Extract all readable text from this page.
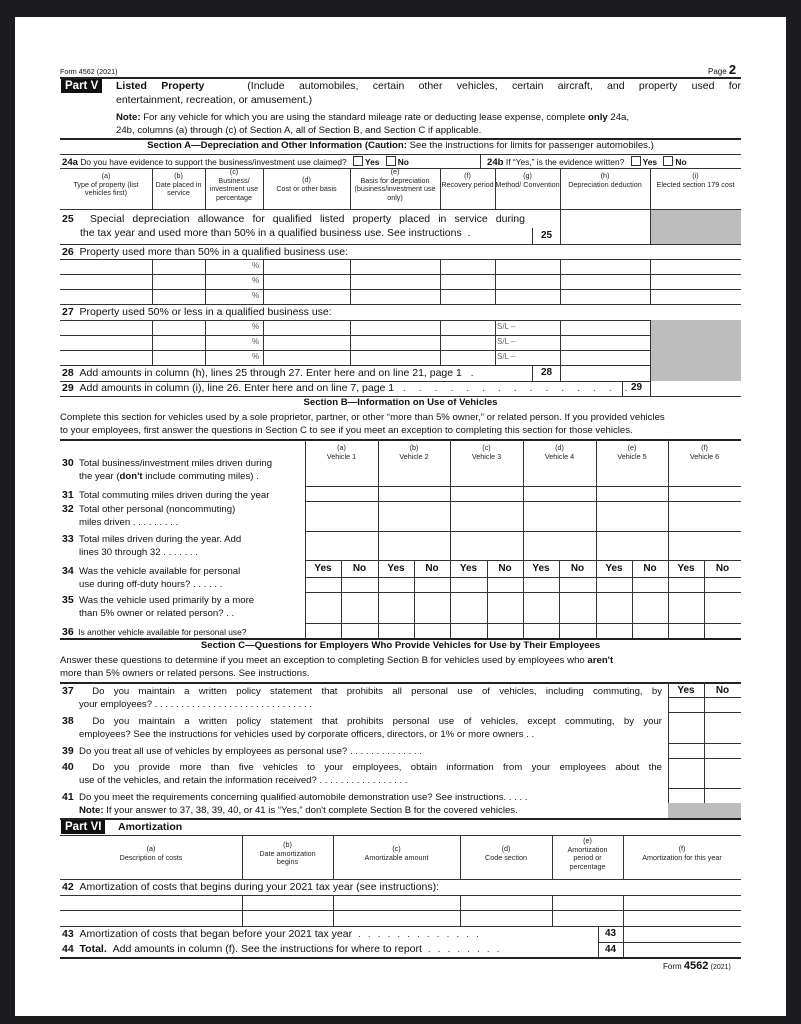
Form 4562 (2021)	Page 2
Part V	Listed Property	(Include automobiles, certain other vehicles, certain aircraft, and property used for
entertainment, recreation, or amusement.)
Note: For any vehicle for which you are using the standard mileage rate or deducting lease expense, complete only 24a,
24b, columns (a) through (c) of Section A, all of Section B, and Section C if applicable.
Section A—Depreciation and Other Information (Caution: See the instructions for limits for passenger automobiles.)
24a Do you have evidence to support the business/investment use claimed? Yes No	24b If “Yes,” is the evidence written? Yes No
(a)
Type of property (list vehicles first)
(b)
Date placed in service
(c)
Business/ investment use percentage
(d)
Cost or other basis
(e)
Basis for depreciation (business/investment use only)
(f)
Recovery period
(g)
Method/ Convention
(h)
Depreciation deduction
(i)
Elected section 179 cost
25 Special depreciation allowance for qualified listed property placed in service during
the tax year and used more than 50% in a qualified business use. See instructions .	25
26 Property used more than 50% in a qualified business use:
%
%
%
27 Property used 50% or less in a qualified business use:
%
%
%
S/L –
S/L –
S/L –
28 Add amounts in column (h), lines 25 through 27. Enter here and on line 21, page 1 .	28
29 Add amounts in column (i), line 26. Enter here and on line 7, page 1 . . . . . . . . . . . . . . .
29
Section B—Information on Use of Vehicles
Complete this section for vehicles used by a sole proprietor, partner, or other “more than 5% owner,” or related person. If you provided vehicles
to your employees, first answer the questions in Section C to see if you meet an exception to completing this section for those vehicles.
(a)
Vehicle 1
(b)
Vehicle 2
(c)
Vehicle 3
(d)
Vehicle 4
(e)
Vehicle 5
(f)
Vehicle 6
Yes	No	Yes	No	Yes	No	Yes	No	Yes	No	Yes	No
30 Total business/investment miles driven during
the year (don't include commuting miles) .
31 Total commuting miles driven during the year
32 Total other personal (noncommuting)
miles driven . . . . . . . . .
33 Total miles driven during the year. Add
lines 30 through 32 . . . . . . .
34 Was the vehicle available for personal
use during off-duty hours? . . . . . .
35 Was the vehicle used primarily by a more
than 5% owner or related person? . .
36 Is another vehicle available for personal use?
Section C—Questions for Employers Who Provide Vehicles for Use by Their Employees
Answer these questions to determine if you meet an exception to completing Section B for vehicles used by employees who aren't
more than 5% owners or related persons. See instructions.
Yes	No
37 Do you maintain a written policy statement that prohibits all personal use of vehicles, including commuting, by
your employees? . . . . . . . . . . . . . . . . . . . . . . . . . . . . . .
38 Do you maintain a written policy statement that prohibits personal use of vehicles, except commuting, by your
employees? See the instructions for vehicles used by corporate officers, directors, or 1% or more owners . .
39 Do you treat all use of vehicles by employees as personal use? . . . . . . . . . . . . . .
40 Do you provide more than five vehicles to your employees, obtain information from your employees about the
use of the vehicles, and retain the information received? . . . . . . . . . . . . . . . . .
41 Do you meet the requirements concerning qualified automobile demonstration use? See instructions. . . . .
Note: If your answer to 37, 38, 39, 40, or 41 is “Yes,” don't complete Section B for the covered vehicles.
Part VI	Amortization
(a)
Description of costs
(b)
Date amortization begins
(c)
Amortizable amount
(d)
Code section
(e)
Amortization period or percentage
(f)
Amortization for this year
42 Amortization of costs that begins during your 2021 tax year (see instructions):
43 Amortization of costs that began before your 2021 tax year . . . . . . . . . . . . .	43
44 Total. Add amounts in column (f). See the instructions for where to report . . . . . . . .	44
Form 4562 (2021)
